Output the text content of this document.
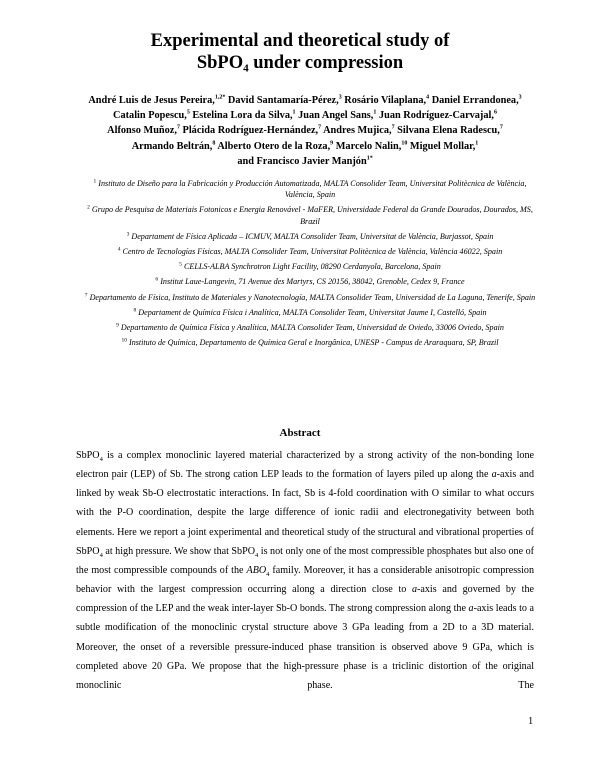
Experimental and theoretical study of
SbPO₄ under compression
André Luis de Jesus Pereira,$^{1,2*}$ David Santamaría-Pérez,$^3$ Rosário Vilaplana,$^4$ Daniel Errandonea,$^3$ Catalin Popescu,$^5$ Estelina Lora da Silva,$^1$ Juan Angel Sans,$^1$ Juan Rodríguez-Carvajal,$^6$ Alfonso Muñoz,$^7$ Plácida Rodríguez-Hernández,$^7$ Andres Mujica,$^7$ Silvana Elena Radescu,$^7$ Armando Beltrán,$^8$ Alberto Otero de la Roza,$^9$ Marcelo Nalin,$^{10}$ Miguel Mollar,$^1$ and Francisco Javier Manjón$^{1*}$
$^1$ Instituto de Diseño para la Fabricación y Producción Automatizada, MALTA Consolider Team, Universitat Politècnica de València, València, Spain
$^2$ Grupo de Pesquisa de Materiais Fotonicos e Energia Renovável - MaFER, Universidade Federal da Grande Dourados, Dourados, MS, Brazil
$^3$ Departament de Física Aplicada – ICMUV, MALTA Consolider Team, Universitat de València, Burjassot, Spain
$^4$ Centro de Tecnologías Físicas, MALTA Consolider Team, Universitat Politècnica de València, València 46022, Spain
$^5$ CELLS-ALBA Synchrotron Light Facility, 08290 Cerdanyola, Barcelona, Spain
$^6$ Institut Laue-Langevin, 71 Avenue des Martyrs, CS 20156, 38042, Grenoble, Cedex 9, France
$^7$ Departamento de Física, Instituto de Materiales y Nanotecnología, MALTA Consolider Team, Universidad de La Laguna, Tenerife, Spain
$^8$ Departament de Química Física i Analítica, MALTA Consolider Team, Universitat Jaume I, Castelló, Spain
$^9$ Departamento de Química Física y Analítica, MALTA Consolider Team, Universidad de Oviedo, 33006 Oviedo, Spain
$^{10}$ Instituto de Química, Departamento de Química Geral e Inorgânica, UNESP - Campus de Araraquara, SP, Brazil
Abstract
SbPO$_4$ is a complex monoclinic layered material characterized by a strong activity of the non-bonding lone electron pair (LEP) of Sb. The strong cation LEP leads to the formation of layers piled up along the a-axis and linked by weak Sb-O electrostatic interactions. In fact, Sb is 4-fold coordination with O similar to what occurs with the P-O coordination, despite the large difference of ionic radii and electronegativity between both elements. Here we report a joint experimental and theoretical study of the structural and vibrational properties of SbPO$_4$ at high pressure. We show that SbPO$_4$ is not only one of the most compressible phosphates but also one of the most compressible compounds of the $ABO_4$ family. Moreover, it has a considerable anisotropic compression behavior with the largest compression occurring along a direction close to a-axis and governed by the compression of the LEP and the weak inter-layer Sb-O bonds. The strong compression along the a-axis leads to a subtle modification of the monoclinic crystal structure above 3 GPa leading from a 2D to a 3D material. Moreover, the onset of a reversible pressure-induced phase transition is observed above 9 GPa, which is completed above 20 GPa. We propose that the high-pressure phase is a triclinic distortion of the original monoclinic phase. The
1
